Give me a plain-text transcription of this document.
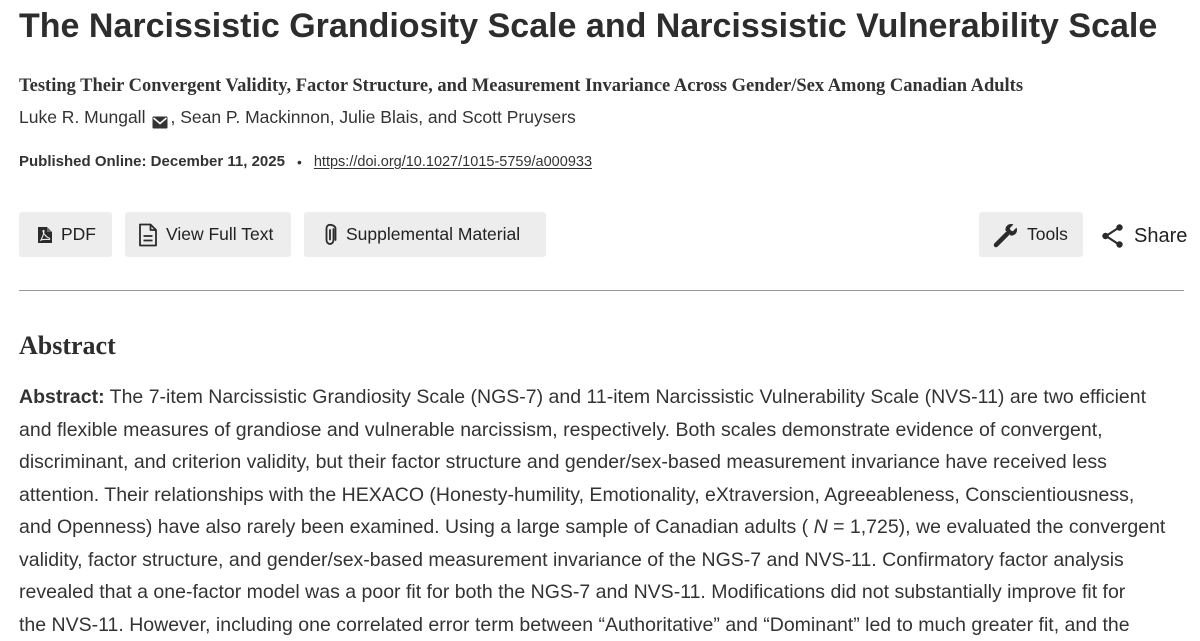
The Narcissistic Grandiosity Scale and Narcissistic Vulnerability Scale
Testing Their Convergent Validity, Factor Structure, and Measurement Invariance Across Gender/Sex Among Canadian Adults
Luke R. Mungall , Sean P. Mackinnon, Julie Blais, and Scott Pruysers
Published Online: December 11, 2025 • https://doi.org/10.1027/1015-5759/a000933
PDF	View Full Text	Supplemental Material	Tools	Share
Abstract
Abstract: The 7-item Narcissistic Grandiosity Scale (NGS-7) and 11-item Narcissistic Vulnerability Scale (NVS-11) are two efficient
and flexible measures of grandiose and vulnerable narcissism, respectively. Both scales demonstrate evidence of convergent,
discriminant, and criterion validity, but their factor structure and gender/sex-based measurement invariance have received less
attention. Their relationships with the HEXACO (Honesty-humility, Emotionality, eXtraversion, Agreeableness, Conscientiousness,
and Openness) have also rarely been examined. Using a large sample of Canadian adults ( N = 1,725), we evaluated the convergent
validity, factor structure, and gender/sex-based measurement invariance of the NGS-7 and NVS-11. Confirmatory factor analysis
revealed that a one-factor model was a poor fit for both the NGS-7 and NVS-11. Modifications did not substantially improve fit for
the NVS-11. However, including one correlated error term between “Authoritative” and “Dominant” led to much greater fit, and the
